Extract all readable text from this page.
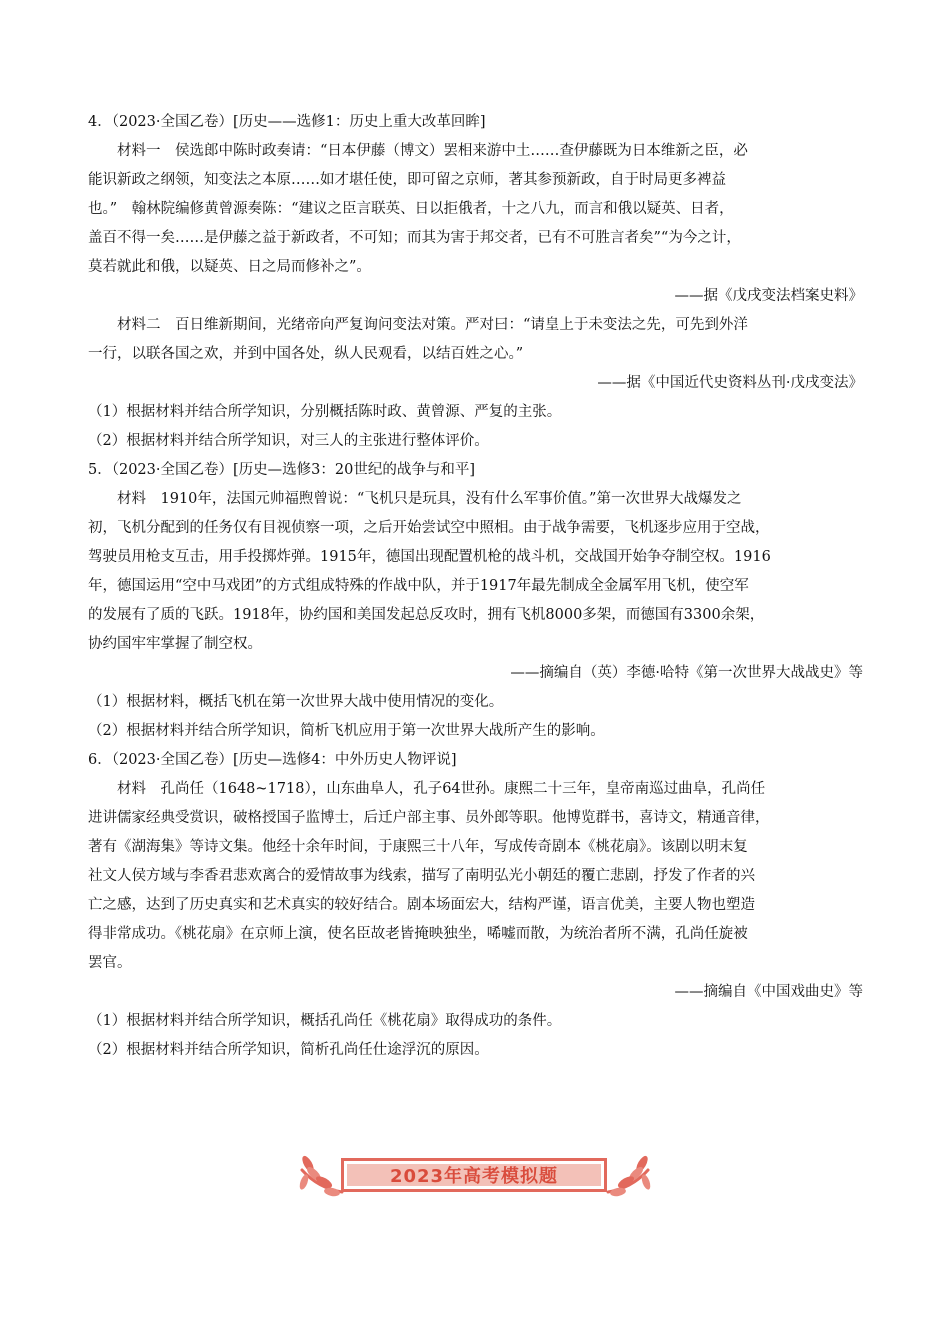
4．（2023·全国乙卷）[历史——选修1：历史上重大改革回眸]
材料一　侯选郎中陈时政奏请：“日本伊藤（博文）罢相来游中土……查伊藤既为日本维新之臣，必
能识新政之纲领，知变法之本原……如才堪任使，即可留之京师，著其参预新政，自于时局更多裨益
也。”　翰林院编修黄曾源奏陈：“建议之臣言联英、日以拒俄者，十之八九，而言和俄以疑英、日者，
盖百不得一矣……是伊藤之益于新政者，不可知；而其为害于邦交者，已有不可胜言者矣”“为今之计，
莫若就此和俄，以疑英、日之局而修补之”。
——据《戊戌变法档案史料》
材料二　百日维新期间，光绪帝向严复询问变法对策。严对曰：“请皇上于未变法之先，可先到外洋
一行，以联各国之欢，并到中国各处，纵人民观看，以结百姓之心。”
——据《中国近代史资料丛刊·戊戌变法》
（1）根据材料并结合所学知识，分别概括陈时政、黄曾源、严复的主张。
（2）根据材料并结合所学知识，对三人的主张进行整体评价。
5．（2023·全国乙卷）[历史—选修3：20世纪的战争与和平]
材料　1910年，法国元帅福煦曾说：“飞机只是玩具，没有什么军事价值。”第一次世界大战爆发之
初，飞机分配到的任务仅有目视侦察一项，之后开始尝试空中照相。由于战争需要，飞机逐步应用于空战，
驾驶员用枪支互击，用手投掷炸弹。1915年，德国出现配置机枪的战斗机，交战国开始争夺制空权。1916
年，德国运用“空中马戏团”的方式组成特殊的作战中队，并于1917年最先制成全金属军用飞机，使空军
的发展有了质的飞跃。1918年，协约国和美国发起总反攻时，拥有飞机8000多架，而德国有3300余架，
协约国牢牢掌握了制空权。
——摘编自（英）李德·哈特《第一次世界大战战史》等
（1）根据材料，概括飞机在第一次世界大战中使用情况的变化。
（2）根据材料并结合所学知识，简析飞机应用于第一次世界大战所产生的影响。
6．（2023·全国乙卷）[历史—选修4：中外历史人物评说]
材料　孔尚任（1648~1718），山东曲阜人，孔子64世孙。康熙二十三年，皇帝南巡过曲阜，孔尚任
进讲儒家经典受赏识，破格授国子监博士，后迁户部主事、员外郎等职。他博览群书，喜诗文，精通音律，
著有《湖海集》等诗文集。他经十余年时间，于康熙三十八年，写成传奇剧本《桃花扇》。该剧以明末复
社文人侯方域与李香君悲欢离合的爱情故事为线索，描写了南明弘光小朝廷的覆亡悲剧，抒发了作者的兴
亡之感，达到了历史真实和艺术真实的较好结合。剧本场面宏大，结构严谨，语言优美，主要人物也塑造
得非常成功。《桃花扇》在京师上演，使名臣故老皆掩映独坐，唏嘘而散，为统治者所不满，孔尚任旋被
罢官。
——摘编自《中国戏曲史》等
（1）根据材料并结合所学知识，概括孔尚任《桃花扇》取得成功的条件。
（2）根据材料并结合所学知识，简析孔尚任仕途浮沉的原因。
2023年高考模拟题
